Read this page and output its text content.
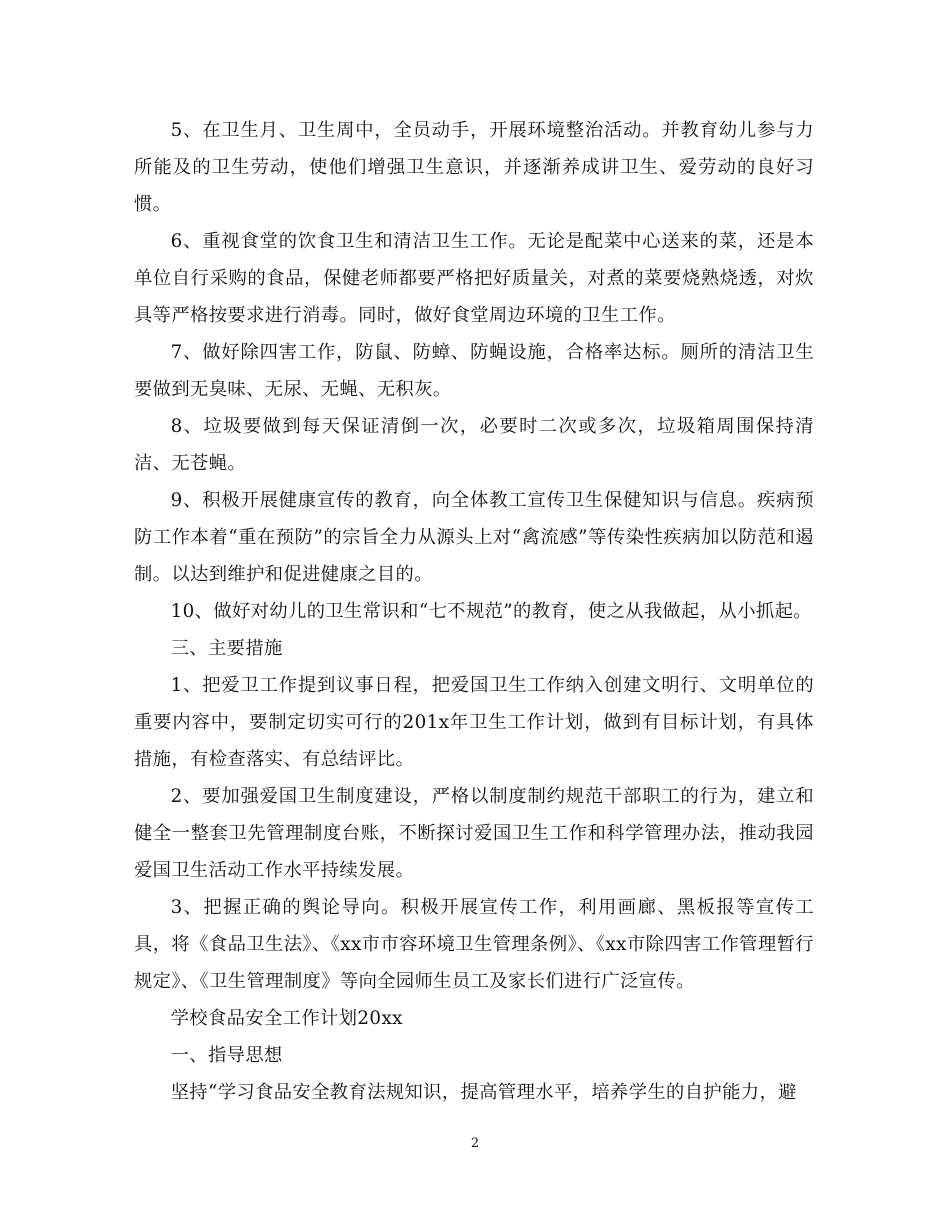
5、在卫生月、卫生周中，全员动手，开展环境整治活动。并教育幼儿参与力所能及的卫生劳动，使他们增强卫生意识，并逐渐养成讲卫生、爱劳动的良好习惯。

6、重视食堂的饮食卫生和清洁卫生工作。无论是配菜中心送来的菜，还是本单位自行采购的食品，保健老师都要严格把好质量关，对煮的菜要烧熟烧透，对炊具等严格按要求进行消毒。同时，做好食堂周边环境的卫生工作。

7、做好除四害工作，防鼠、防蟑、防蝇设施，合格率达标。厕所的清洁卫生要做到无臭味、无尿、无蝇、无积灰。

8、垃圾要做到每天保证清倒一次，必要时二次或多次，垃圾箱周围保持清洁、无苍蝇。

9、积极开展健康宣传的教育，向全体教工宣传卫生保健知识与信息。疾病预防工作本着“重在预防”的宗旨全力从源头上对“禽流感”等传染性疾病加以防范和遏制。以达到维护和促进健康之目的。

10、做好对幼儿的卫生常识和“七不规范”的教育，使之从我做起，从小抓起。

三、主要措施

1、把爱卫工作提到议事日程，把爱国卫生工作纳入创建文明行、文明单位的重要内容中，要制定切实可行的201x年卫生工作计划，做到有目标计划，有具体措施，有检查落实、有总结评比。

2、要加强爱国卫生制度建设，严格以制度制约规范干部职工的行为，建立和健全一整套卫先管理制度台账，不断探讨爱国卫生工作和科学管理办法，推动我园爱国卫生活动工作水平持续发展。

3、把握正确的舆论导向。积极开展宣传工作，利用画廊、黑板报等宣传工具，将《食品卫生法》、《xx市市容环境卫生管理条例》、《xx市除四害工作管理暂行规定》、《卫生管理制度》等向全园师生员工及家长们进行广泛宣传。

学校食品安全工作计划20xx

一、指导思想

坚持“学习食品安全教育法规知识，提高管理水平，培养学生的自护能力，避

2
